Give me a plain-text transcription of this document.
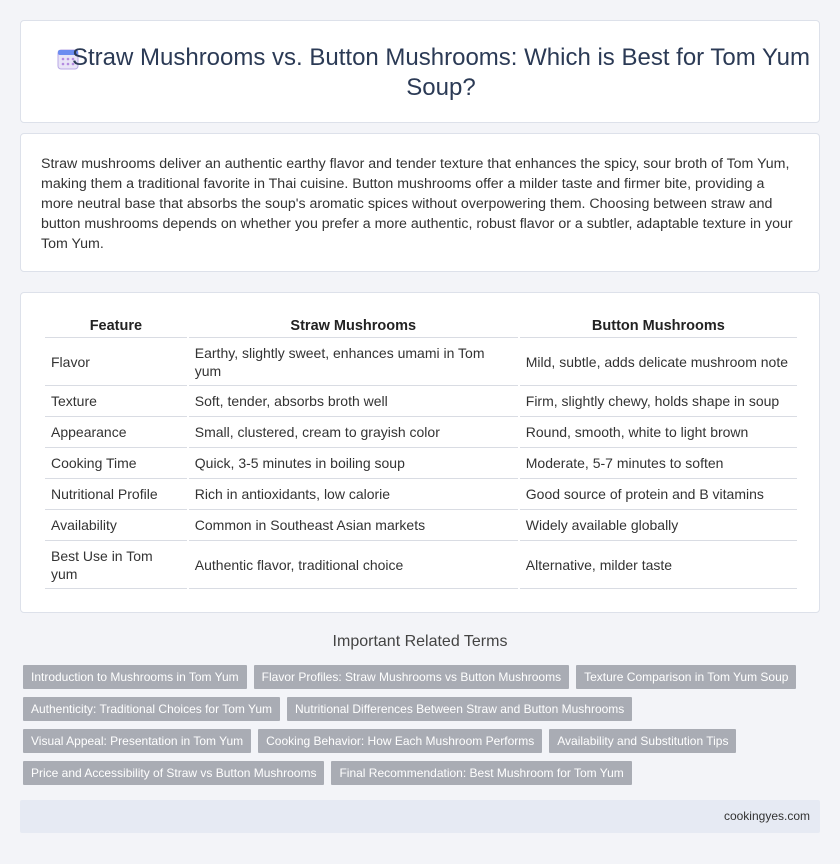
Straw Mushrooms vs. Button Mushrooms: Which is Best for Tom Yum Soup?

Straw mushrooms deliver an authentic earthy flavor and tender texture that enhances the spicy, sour broth of Tom Yum, making them a traditional favorite in Thai cuisine. Button mushrooms offer a milder taste and firmer bite, providing a more neutral base that absorbs the soup's aromatic spices without overpowering them. Choosing between straw and button mushrooms depends on whether you prefer a more authentic, robust flavor or a subtler, adaptable texture in your Tom Yum.

Feature	Straw Mushrooms	Button Mushrooms
Flavor	Earthy, slightly sweet, enhances umami in Tom yum	Mild, subtle, adds delicate mushroom note
Texture	Soft, tender, absorbs broth well	Firm, slightly chewy, holds shape in soup
Appearance	Small, clustered, cream to grayish color	Round, smooth, white to light brown
Cooking Time	Quick, 3-5 minutes in boiling soup	Moderate, 5-7 minutes to soften
Nutritional Profile	Rich in antioxidants, low calorie	Good source of protein and B vitamins
Availability	Common in Southeast Asian markets	Widely available globally
Best Use in Tom yum	Authentic flavor, traditional choice	Alternative, milder taste
Important Related Terms
Introduction to Mushrooms in Tom Yum	Flavor Profiles: Straw Mushrooms vs Button Mushrooms	Texture Comparison in Tom Yum Soup
Authenticity: Traditional Choices for Tom Yum	Nutritional Differences Between Straw and Button Mushrooms
Visual Appeal: Presentation in Tom Yum	Cooking Behavior: How Each Mushroom Performs	Availability and Substitution Tips
Price and Accessibility of Straw vs Button Mushrooms	Final Recommendation: Best Mushroom for Tom Yum
cookingyes.com
